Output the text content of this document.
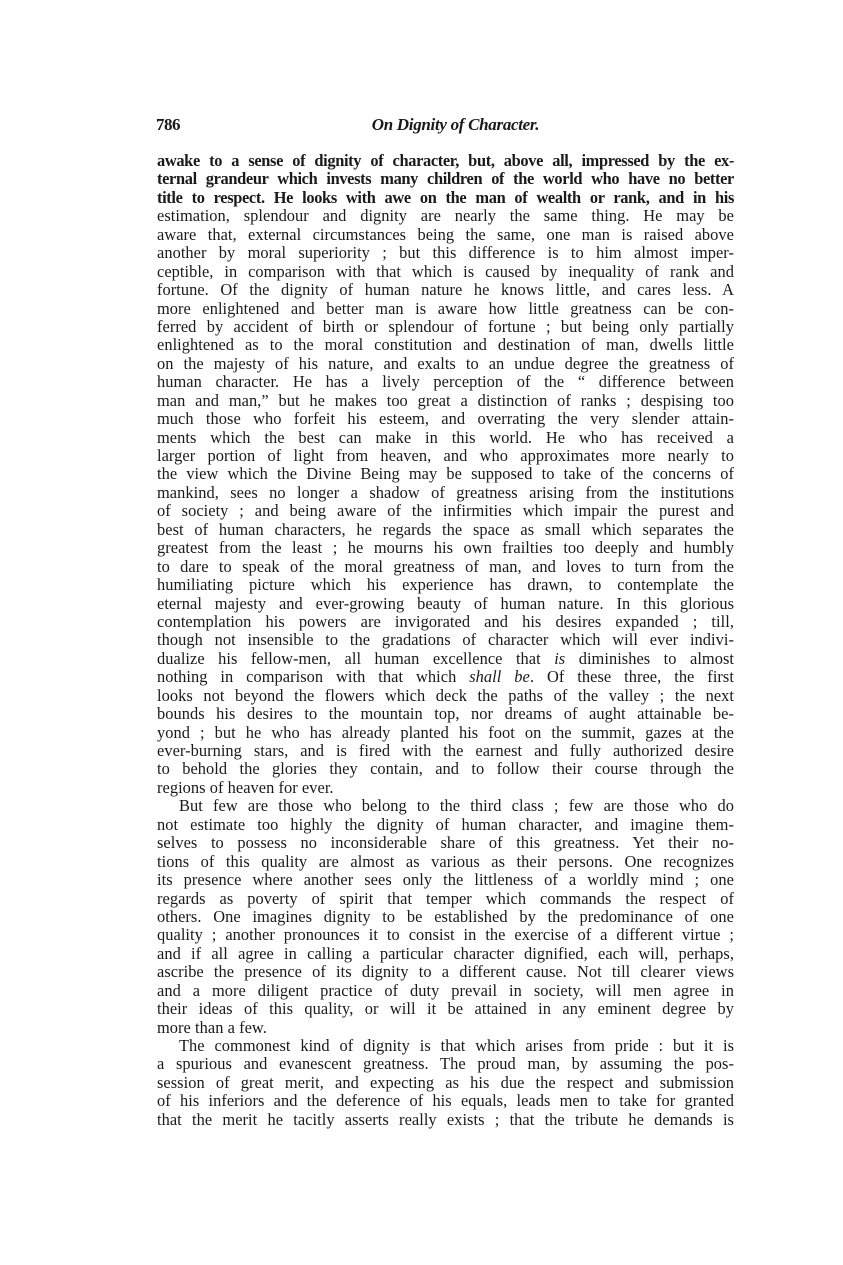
786	On Dignity of Character.
awake to a sense of dignity of character, but, above all, impressed by the ex-
ternal grandeur which invests many children of the world who have no better
title to respect. He looks with awe on the man of wealth or rank, and in his
estimation, splendour and dignity are nearly the same thing. He may be
aware that, external circumstances being the same, one man is raised above
another by moral superiority ; but this difference is to him almost imper-
ceptible, in comparison with that which is caused by inequality of rank and
fortune. Of the dignity of human nature he knows little, and cares less. A
more enlightened and better man is aware how little greatness can be con-
ferred by accident of birth or splendour of fortune ; but being only partially
enlightened as to the moral constitution and destination of man, dwells little
on the majesty of his nature, and exalts to an undue degree the greatness of
human character. He has a lively perception of the “ difference between
man and man,” but he makes too great a distinction of ranks ; despising too
much those who forfeit his esteem, and overrating the very slender attain-
ments which the best can make in this world. He who has received a
larger portion of light from heaven, and who approximates more nearly to
the view which the Divine Being may be supposed to take of the concerns of
mankind, sees no longer a shadow of greatness arising from the institutions
of society ; and being aware of the infirmities which impair the purest and
best of human characters, he regards the space as small which separates the
greatest from the least ; he mourns his own frailties too deeply and humbly
to dare to speak of the moral greatness of man, and loves to turn from the
humiliating picture which his experience has drawn, to contemplate the
eternal majesty and ever-growing beauty of human nature. In this glorious
contemplation his powers are invigorated and his desires expanded ; till,
though not insensible to the gradations of character which will ever indivi-
dualize his fellow-men, all human excellence that is diminishes to almost
nothing in comparison with that which shall be. Of these three, the first
looks not beyond the flowers which deck the paths of the valley ; the next
bounds his desires to the mountain top, nor dreams of aught attainable be-
yond ; but he who has already planted his foot on the summit, gazes at the
ever-burning stars, and is fired with the earnest and fully authorized desire
to behold the glories they contain, and to follow their course through the
regions of heaven for ever.
But few are those who belong to the third class ; few are those who do
not estimate too highly the dignity of human character, and imagine them-
selves to possess no inconsiderable share of this greatness. Yet their no-
tions of this quality are almost as various as their persons. One recognizes
its presence where another sees only the littleness of a worldly mind ; one
regards as poverty of spirit that temper which commands the respect of
others. One imagines dignity to be established by the predominance of one
quality ; another pronounces it to consist in the exercise of a different virtue ;
and if all agree in calling a particular character dignified, each will, perhaps,
ascribe the presence of its dignity to a different cause. Not till clearer views
and a more diligent practice of duty prevail in society, will men agree in
their ideas of this quality, or will it be attained in any eminent degree by
more than a few.
The commonest kind of dignity is that which arises from pride : but it is
a spurious and evanescent greatness. The proud man, by assuming the pos-
session of great merit, and expecting as his due the respect and submission
of his inferiors and the deference of his equals, leads men to take for granted
that the merit he tacitly asserts really exists ; that the tribute he demands is
